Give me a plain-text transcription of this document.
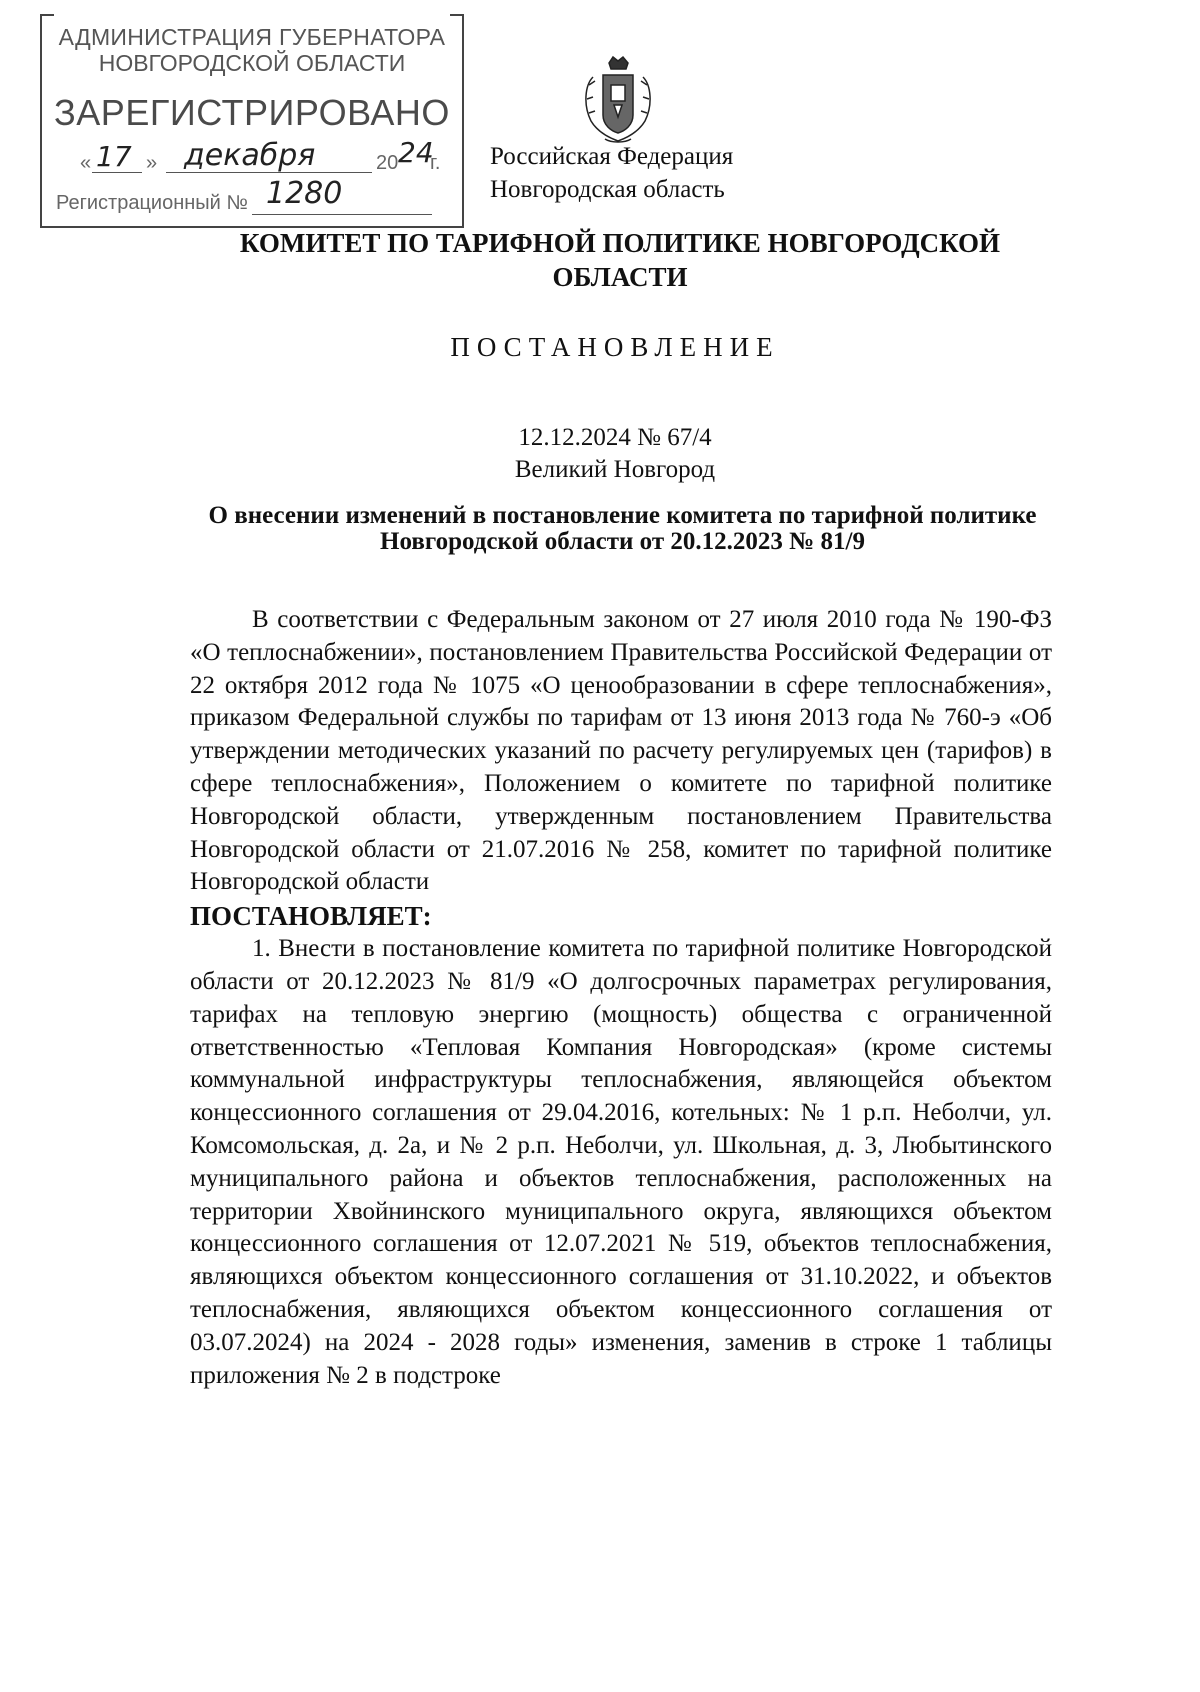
АДМИНИСТРАЦИЯ ГУБЕРНАТОРА
НОВГОРОДСКОЙ ОБЛАСТИ
ЗАРЕГИСТРИРОВАНО
« 17 » декабря	20 24
г.
Регистрационный № 1280
Российская Федерация
Новгородская область
КОМИТЕТ ПО ТАРИФНОЙ ПОЛИТИКЕ НОВГОРОДСКОЙ ОБЛАСТИ
ПОСТАНОВЛЕНИЕ
12.12.2024 № 67/4
Великий Новгород
О внесении изменений в постановление комитета по тарифной политике Новгородской области от 20.12.2023 № 81/9

В соответствии с Федеральным законом от 27 июля 2010 года № 190-ФЗ «О теплоснабжении», постановлением Правительства Российской Федерации от 22 октября 2012 года № 1075 «О ценообразовании в сфере теплоснабжения», приказом Федеральной службы по тарифам от 13 июня 2013 года № 760-э «Об утверждении методических указаний по расчету регулируемых цен (тарифов) в сфере теплоснабжения», Положением о комитете по тарифной политике Новгородской области, утвержденным постановлением Правительства Новгородской области от 21.07.2016 № 258, комитет по тарифной политике Новгородской области

ПОСТАНОВЛЯЕТ:

1. Внести в постановление комитета по тарифной политике Новгородской области от 20.12.2023 № 81/9 «О долгосрочных параметрах регулирования, тарифах на тепловую энергию (мощность) общества с ограниченной ответственностью «Тепловая Компания Новгородская» (кроме системы коммунальной инфраструктуры теплоснабжения, являющейся объектом концессионного соглашения от 29.04.2016, котельных: № 1 р.п. Неболчи, ул. Комсомольская, д. 2а, и № 2 р.п. Неболчи, ул. Школьная, д. 3, Любытинского муниципального района и объектов теплоснабжения, расположенных на территории Хвойнинского муниципального округа, являющихся объектом концессионного соглашения от 12.07.2021 № 519, объектов теплоснабжения, являющихся объектом концессионного соглашения от 31.10.2022, и объектов теплоснабжения, являющихся объектом концессионного соглашения от 03.07.2024) на 2024 - 2028 годы» изменения, заменив в строке 1 таблицы приложения № 2 в подстроке
